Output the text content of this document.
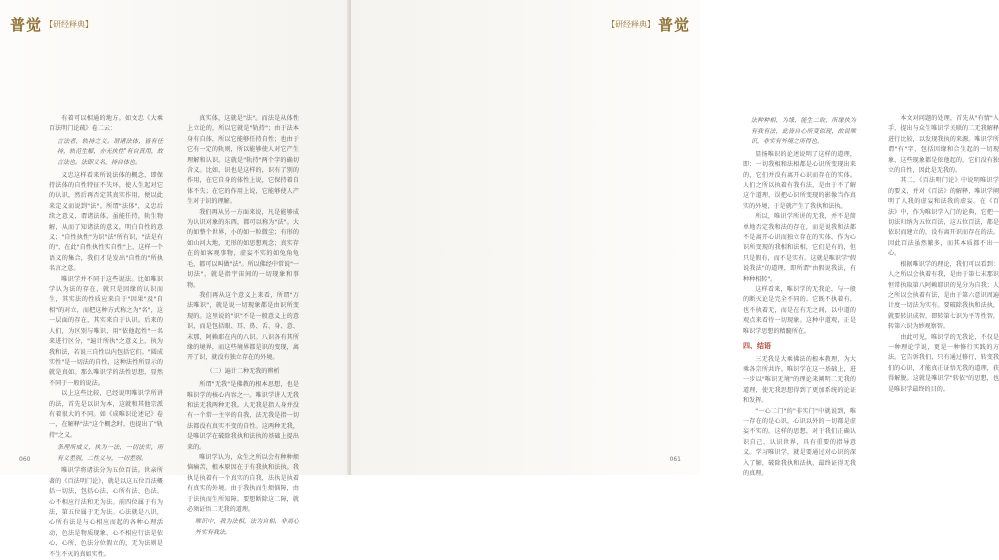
普觉 【研经释典】

有着可以相通的地方。如文忠《大乘百法明门论疏》卷二云：

言法者，轨持之义。谓诸法体，皆有任持，轨范生解，亦无执性"有自真用，故言法也。法即义名，持自体也。

义忠这样看来所说法体的概念，即保持法体的自性特征不失坏，使人生起对它的认识，然后再否定其真实作用，便以此来定义而说到"法"。所谓"法体"，义忠后续之意义，谓诸法体，虽能任持，轨生物解，从而了知诸法的意义，明白自性的意义；"自性执性"为识"法"所有识，"法是有的"，在此"自性执性实自性"上，这样一个语义的集合，我们才是发出"自性的"所执名言之意。

唯识学并不同于这些说法。比如唯识学认为法的存在，就只是因缘的认识而生，其实法的性质应来自于"因果"及"自相"的对立，而把这种方式称之为"名"，这一层面的存在，其实来自于认识。后来的人们，为区别与唯识，用"依他起性"一名来进行区分，"遍计所执"之意义上，执为我和法，若说三自性以内包括它们。"圆成实性"是一切法的自性，这种法性所显示的就是真如。那么唯识学的法性思想，显然不同于一般的说法。

以上这些比较，已经说明唯识学所讲的法，首先是以识为本，这就和其他宗派有着很大的不同。如《成唯识论述记》卷一，在解释"法"这个概念时，也提出了"轨持"之义。

条理所成义，执为一法，一切法实，所有义差别，二性义与，一切差别。

唯识学将诸法分为五位百法。世亲所著的《百法明门论》，就是以这五位百法概括一切法，包括心法、心所有法、色法、心不相应行法和无为法。前四位属于有为法，第五位属于无为法。心法就是八识，心所有法是与心相应而起的各种心理活动，色法是物质现象，心不相应行法是依心、心所、色法分位假立的，无为法则是不生不灭的真如实性。

真实体，这就是"法"。而法是从体性上立论的，所以它就是"轨持"；由于法本身有自体，所以它能够任持自性；也由于它有一定的轨则，所以能够使人对它产生理解和认识。这就是"轨持"两个字的确切含义。比如，识也是这样的，识有了别的作用，在它自身的体性上说，它保持着自体不失；在它的作用上说，它能够使人产生对于识的理解。

我们再从另一方面来说，凡是能够成为认识对象的东西，都可以称为"法"。大的如整个世界，小的如一粒微尘；有形的如山河大地，无形的如思想观念；真实存在的如客观事物，虚妄不实的如兔角龟毛，都可以叫做"法"。所以佛经中常说"一切法"，就是指宇宙间的一切现象和事物。

我们再从这个意义上来看，所谓"万法唯识"，就是说一切现象都是由识所变现的。这里说的"识"不是一般意义上的意识，而是包括眼、耳、鼻、舌、身、意、末那、阿赖耶在内的八识。八识各有其所缘的境界，而这些境界都是识的变现，离开了识，就没有独立存在的外境。

（二）遍计二种无我的辨析

所谓"无我"是佛教的根本思想，也是唯识学的核心内容之一。唯识学讲人无我和法无我两种无我。人无我是指人身并没有一个常一主宰的自我，法无我是指一切法都没有真实不变的自性。这两种无我，是唯识学在破除我执和法执的基础上提出来的。

唯识学认为，众生之所以会有种种烦恼痛苦，根本原因在于有我执和法执。我执是执着有一个真实的自我，法执是执着有真实的外境。由于我执而生烦恼障，由于法执而生所知障。要想断除这二障，就必须证悟二无我的道理。

唯识中，我为法相，法为自相，非离心外实有我法。

060
【研经释典】 普觉

法种种相，为缘，能生二取，所缘执为有我有法，此皆自心所变似现，故说唯识，非实有外境之所得也。

显扬唯识的论述说明了这样的道理，即：一切我相和法相都是心识所变现出来的，它们并没有离开心识而存在的实体。人们之所以执着有我有法，是由于不了解这个道理，误把心识所变现的影像当作真实的外境，于是就产生了我执和法执。

所以，唯识学所讲的无我，并不是简单地否定我和法的存在，而是说我和法都不是离开心识而独立存在的实体。作为心识所变现的我相和法相，它们是有的，但只是假有，而不是实有。这就是唯识学"假说我法"的道理，即所谓"由假说我法，有种种相转"。

这样看来，唯识学的无我论，与一般的断灭论是完全不同的。它既不执着有，也不执着无，而是在有无之间，以中道的观点来看待一切现象。这种中道观，正是唯识学思想的精髓所在。

四、结语

三无我是大乘佛法的根本教理，为大乘各宗所共许。唯识学在这一基础上，进一步以"唯识无境"的理论来阐明二无我的道理，使无我思想得到了更加系统的论证和发挥。

"一心二门"的"非实门"中就说到，唯一存在的是心识，心识以外的一切都是虚妄不实的。这样的思想，对于我们正确认识自己、认识世界，具有重要的指导意义。学习唯识学，就是要通过对心识的深入了解，破除我执和法执，最终证得无我的真理。

本文对问题的处理，首先从"有情"入手，提出与众生唯识学关联的二无我解释进行比较，以发现我执的来源。唯识学所谓"有"字，包括因缘和合生起的一切现象，这些现象都是依他起的，它们没有独立的自性，因此是无我的。

其二，《百法明门论》中说明唯识学的要义，并对《百法》的解释，唯识学阐明了人我的虚妄和法我的虚妄。在《百法》中，作为唯识学入门的论典，它把一切法归纳为五位百法，这五位百法，都是依识而建立的，没有离开识而存在的法。因此百法虽然繁多，而其本质都不出一心。

根据唯识学的理论，我们可以看到：人之所以会执着有我，是由于第七末那识恒常执取第八阿赖耶识的见分为自我；人之所以会执着有法，是由于第六意识周遍计度一切法为实有。要破除我执和法执，就要转识成智，即转第七识为平等性智，转第六识为妙观察智。

由此可见，唯识学的无我论，不仅是一种理论学说，更是一种修行实践的方法。它告诉我们，只有通过修行，转变我们的心识，才能真正证悟无我的道理，获得解脱。这就是唯识学"转依"的思想，也是唯识学最终的目的。

061
